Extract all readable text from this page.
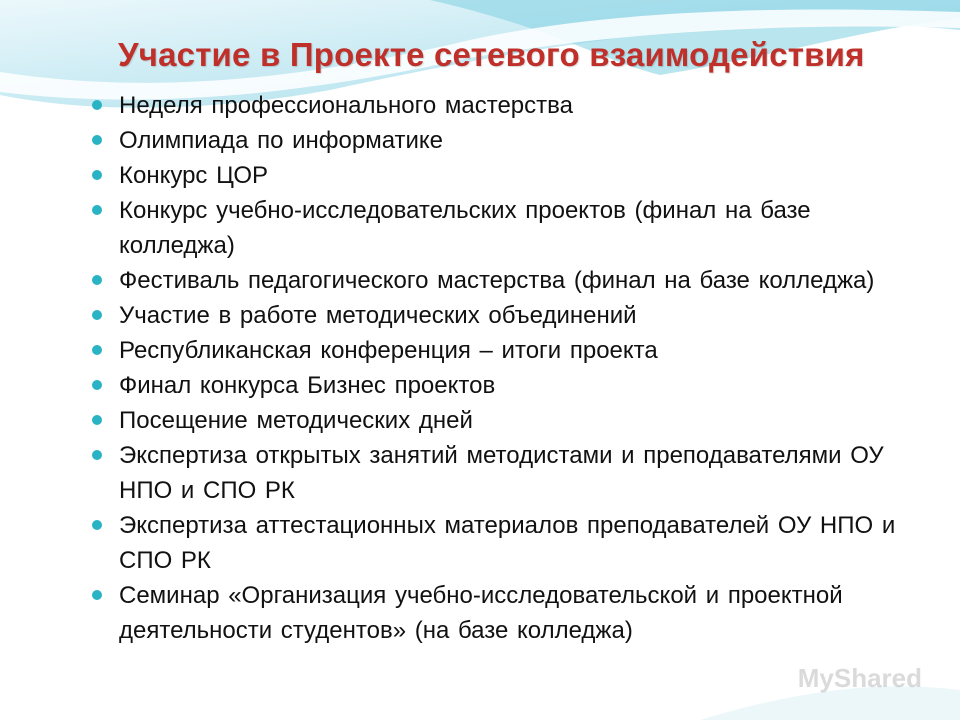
Участие в Проекте сетевого взаимодействия
Неделя профессионального мастерства
Олимпиада по информатике
Конкурс ЦОР
Конкурс учебно-исследовательских проектов (финал на базе колледжа)
Фестиваль педагогического мастерства (финал на базе колледжа)
Участие в работе методических объединений
Республиканская конференция – итоги проекта
Финал конкурса Бизнес проектов
Посещение методических дней
Экспертиза открытых занятий методистами и преподавателями ОУ НПО и СПО РК
Экспертиза аттестационных материалов преподавателей ОУ НПО и СПО РК
Семинар «Организация учебно-исследовательской и проектной деятельности студентов» (на базе колледжа)
MyShared
